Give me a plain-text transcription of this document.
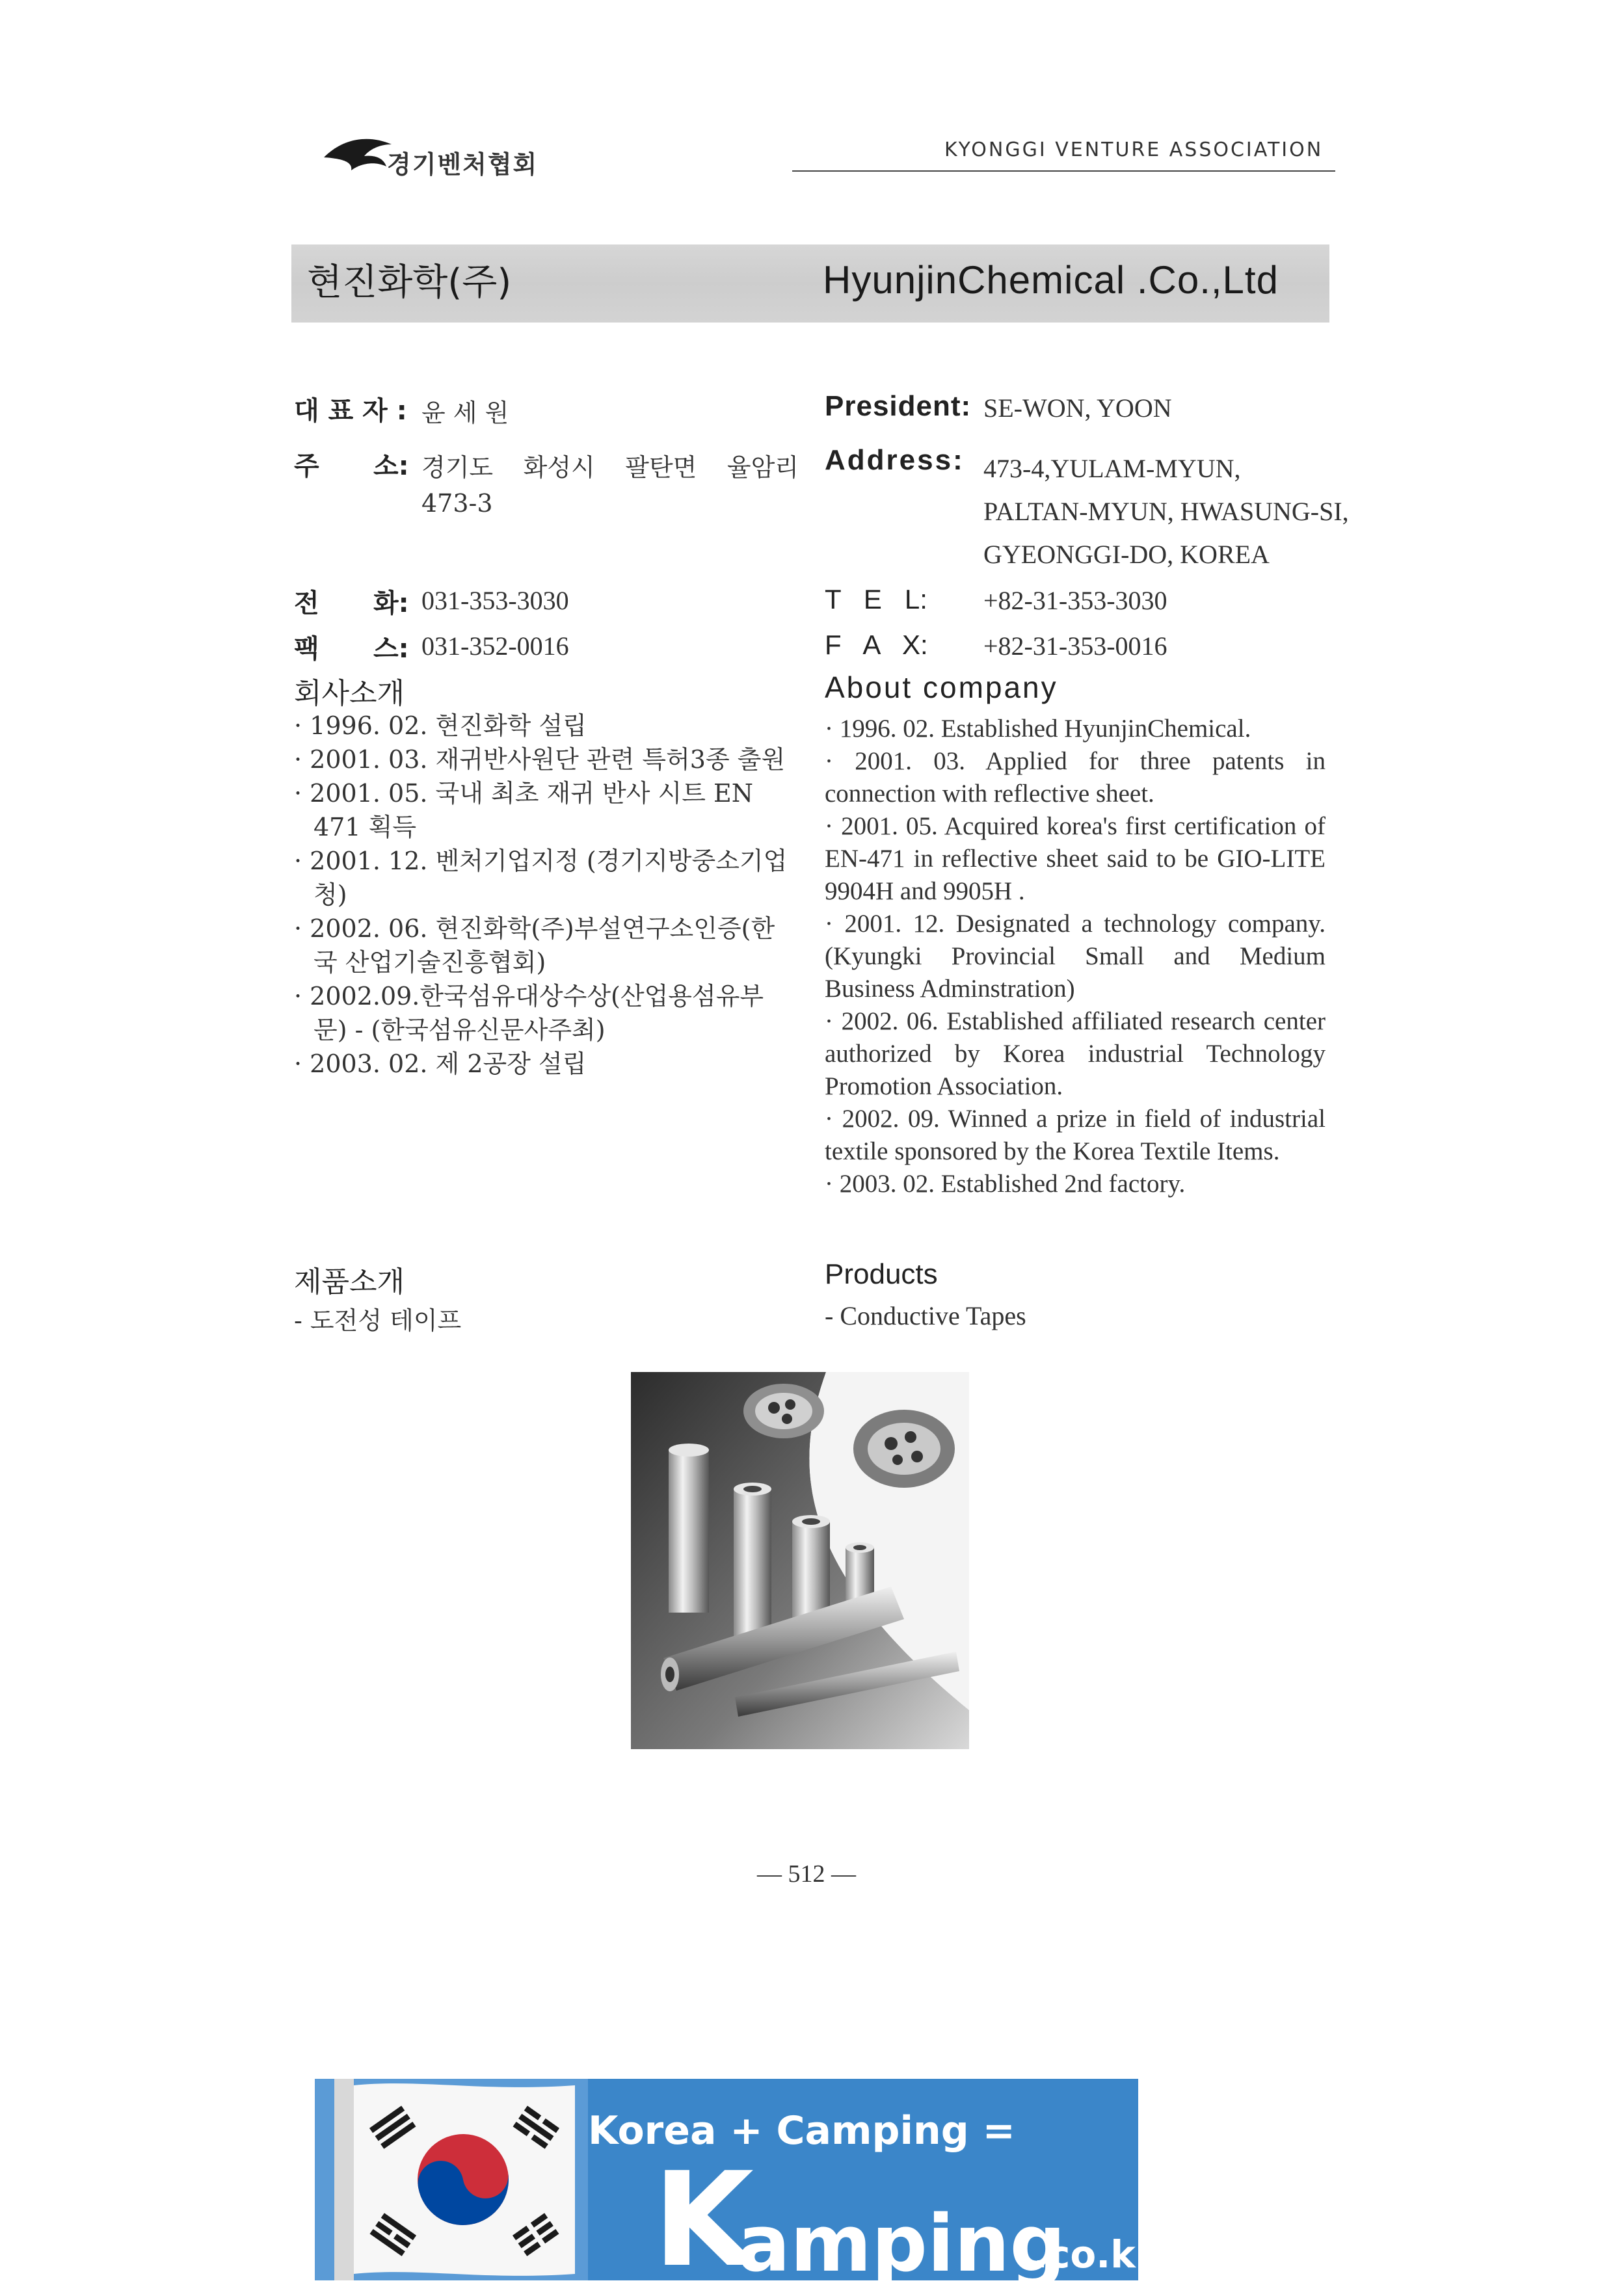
경기벤처협회
KYONGGI VENTURE ASSOCIATION
현진화학(주)	HyunjinChemical .Co.,Ltd
대 표 자 : 윤 세 원
주 소: 경기도 화성시 팔탄면 율암리
473-3
전 화: 031-353-3030
팩 스: 031-352-0016
회사소개

· 1996. 02. 현진화학 설립

· 2001. 03. 재귀반사원단 관련 특허3종 출원

· 2001. 05. 국내 최초 재귀 반사 시트 EN 471 획득

· 2001. 12. 벤처기업지정 (경기지방중소기업청)

· 2002. 06. 현진화학(주)부설연구소인증(한국 산업기술진흥협회)

· 2002.09.한국섬유대상수상(산업용섬유부문) - (한국섬유신문사주최)

· 2003. 02. 제 2공장 설립

제품소개
- 도전성 테이프
President: SE-WON, YOON
Address: 473-4,YULAM-MYUN,
PALTAN-MYUN, HWASUNG-SI,
GYEONGGI-DO, KOREA
T   E   L: +82-31-353-3030
F   A   X: +82-31-353-0016
About company

· 1996. 02. Established HyunjinChemical.

· 2001. 03. Applied for three patents in connection with reflective sheet.

· 2001. 05. Acquired korea's first certification of EN-471 in reflective sheet said to be GIO-LITE 9904H and 9905H .

· 2001. 12. Designated a technology company. (Kyungki Provincial Small and Medium Business Adminstration)

· 2002. 06. Established affiliated research center authorized by Korea industrial Technology Promotion Association.

· 2002. 09. Winned a prize in field of industrial textile sponsored by the Korea Textile Items.

· 2003. 02. Established 2nd factory.

Products
- Conductive Tapes
— 512 —
Korea + Camping =
K
amping
.co.kr
